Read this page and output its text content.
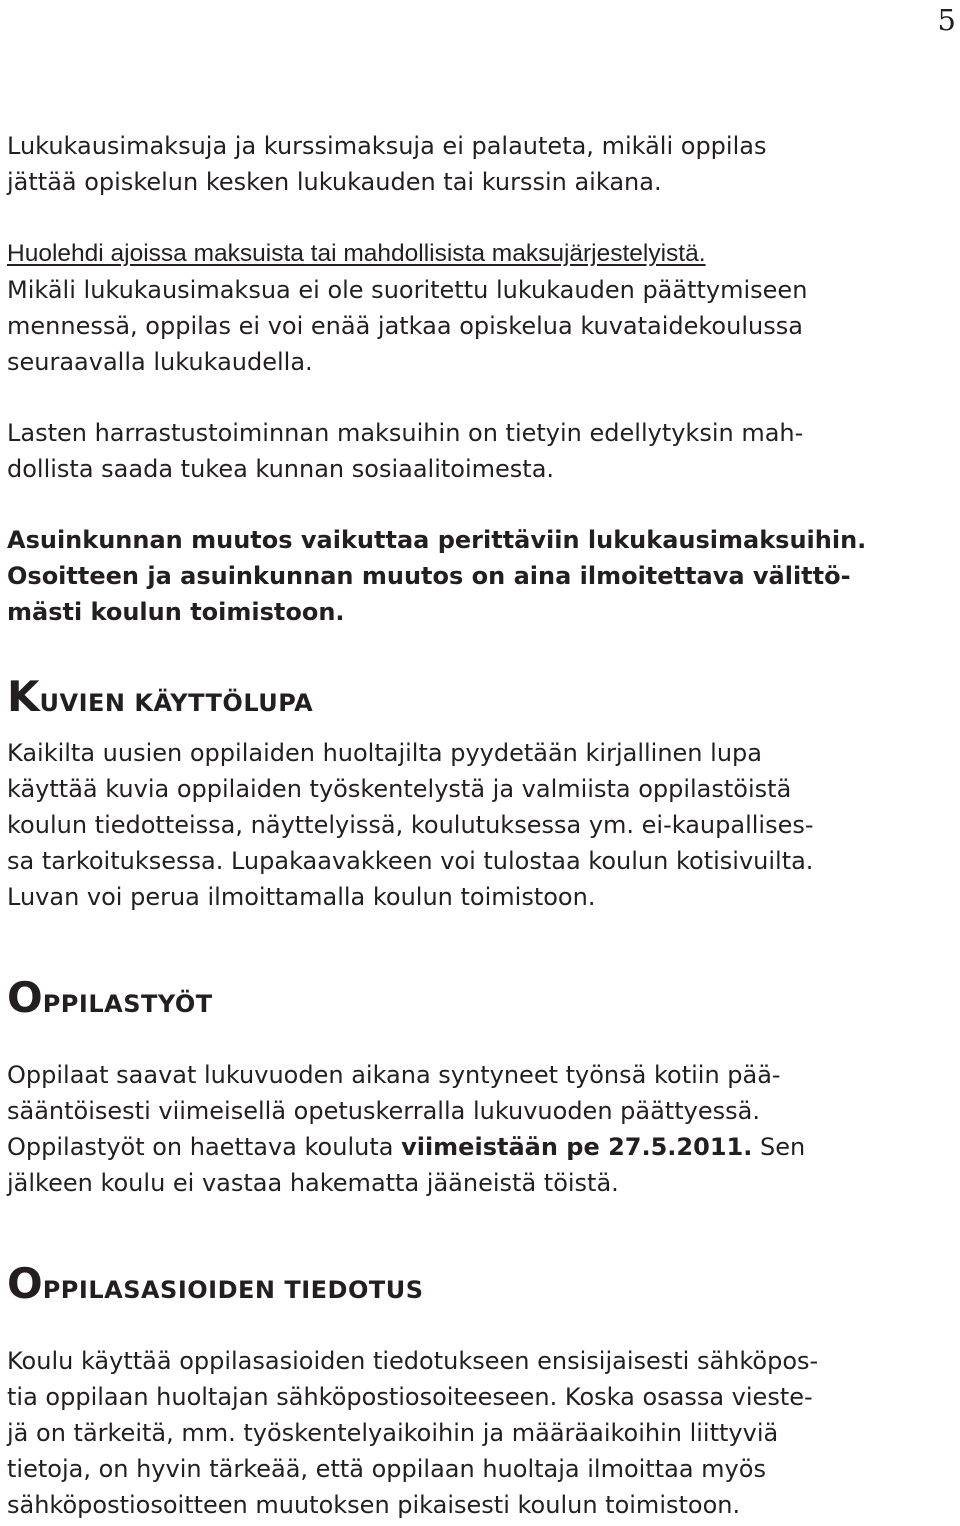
5
Lukukausimaksuja ja kurssimaksuja ei palauteta, mikäli oppilas
jättää opiskelun kesken lukukauden tai kurssin aikana.
Huolehdi ajoissa maksuista tai mahdollisista maksujärjestelyistä.
Mikäli lukukausimaksua ei ole suoritettu lukukauden päättymiseen
mennessä, oppilas ei voi enää jatkaa opiskelua kuvataidekoulussa
seuraavalla lukukaudella.
Lasten harrastustoiminnan maksuihin on tietyin edellytyksin mah-
dollista saada tukea kunnan sosiaalitoimesta.
Asuinkunnan muutos vaikuttaa perittäviin lukukausimaksuihin.
Osoitteen ja asuinkunnan muutos on aina ilmoitettava välittö-
mästi koulun toimistoon.
KUVIEN KÄYTTÖLUPA
Kaikilta uusien oppilaiden huoltajilta pyydetään kirjallinen lupa
käyttää kuvia oppilaiden työskentelystä ja valmiista oppilastöistä
koulun tiedotteissa, näyttelyissä, koulutuksessa ym. ei-kaupallises-
sa tarkoituksessa. Lupakaavakkeen voi tulostaa koulun kotisivuilta.
Luvan voi perua ilmoittamalla koulun toimistoon.
OPPILASTYÖT
Oppilaat saavat lukuvuoden aikana syntyneet työnsä kotiin pää-
sääntöisesti viimeisellä opetuskerralla lukuvuoden päättyessä.
Oppilastyöt on haettava kouluta viimeistään pe 27.5.2011. Sen
jälkeen koulu ei vastaa hakematta jääneistä töistä.
OPPILASASIOIDEN TIEDOTUS
Koulu käyttää oppilasasioiden tiedotukseen ensisijaisesti sähköpos-
tia oppilaan huoltajan sähköpostiosoiteeseen. Koska osassa vieste-
jä on tärkeitä, mm. työskentelyaikoihin ja määräaikoihin liittyviä
tietoja, on hyvin tärkeää, että oppilaan huoltaja ilmoittaa myös
sähköpostiosoitteen muutoksen pikaisesti koulun toimistoon.
